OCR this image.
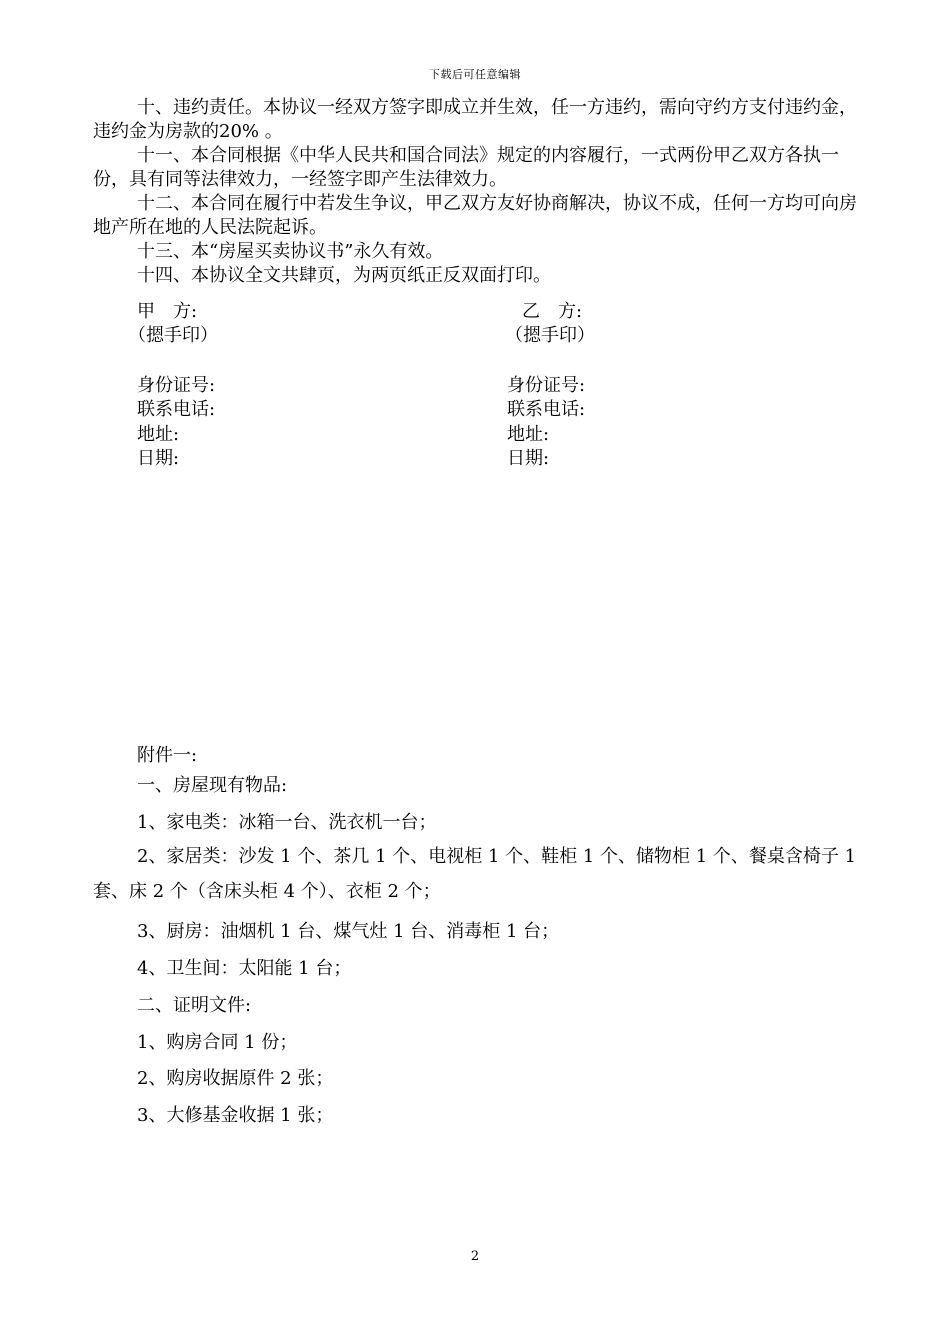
下载后可任意编辑

十、违约责任。本协议一经双方签字即成立并生效，任一方违约，需向守约方支付违约金，违约金为房款的20% 。

十一、本合同根据《中华人民共和国合同法》规定的内容履行，一式两份甲乙双方各执一份，具有同等法律效力，一经签字即产生法律效力。

十二、本合同在履行中若发生争议，甲乙双方友好协商解决，协议不成，任何一方均可向房地产所在地的人民法院起诉。

十三、本“房屋买卖协议书”永久有效。

十四、本协议全文共肆页，为两页纸正反双面打印。

甲　方:
（摁手印）
身份证号:
联系电话:
地址:
日期:
乙　方:
（摁手印）
身份证号:
联系电话:
地址:
日期:
附件一:
一、房屋现有物品:
1、家电类：冰箱一台、洗衣机一台；
2、家居类：沙发 1 个、茶几 1 个、电视柜 1 个、鞋柜 1 个、储物柜 1 个、餐桌含椅子 1 套、床 2 个（含床头柜 4 个）、衣柜 2 个；
3、厨房：油烟机 1 台、煤气灶 1 台、消毒柜 1 台；
4、卫生间：太阳能 1 台；
二、证明文件:
1、购房合同 1 份；
2、购房收据原件 2 张；
3、大修基金收据 1 张；
2
